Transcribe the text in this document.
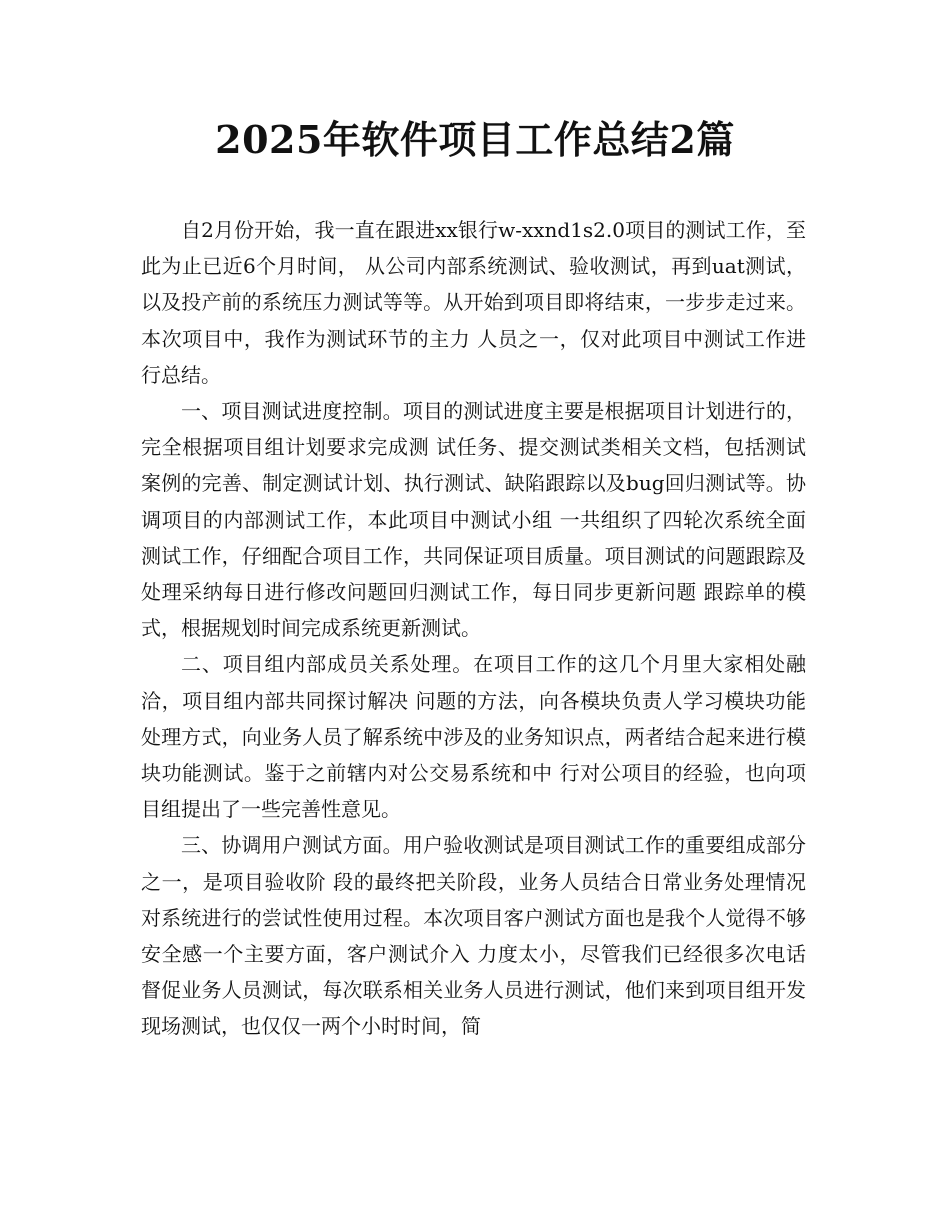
2025年软件项目工作总结2篇

自2月份开始，我一直在跟进xx银行w-xxnd1s2.0项目的测试工作，至此为止已近6个月时间， 从公司内部系统测试、验收测试，再到uat测试，以及投产前的系统压力测试等等。从开始到项目即将结束，一步步走过来。本次项目中，我作为测试环节的主力 人员之一，仅对此项目中测试工作进行总结。

一、项目测试进度控制。项目的测试进度主要是根据项目计划进行的，完全根据项目组计划要求完成测 试任务、提交测试类相关文档，包括测试案例的完善、制定测试计划、执行测试、缺陷跟踪以及bug回归测试等。协调项目的内部测试工作，本此项目中测试小组 一共组织了四轮次系统全面测试工作，仔细配合项目工作，共同保证项目质量。项目测试的问题跟踪及处理采纳每日进行修改问题回归测试工作，每日同步更新问题 跟踪单的模式，根据规划时间完成系统更新测试。

二、项目组内部成员关系处理。在项目工作的这几个月里大家相处融洽，项目组内部共同探讨解决 问题的方法，向各模块负责人学习模块功能处理方式，向业务人员了解系统中涉及的业务知识点，两者结合起来进行模块功能测试。鉴于之前辖内对公交易系统和中 行对公项目的经验，也向项目组提出了一些完善性意见。

三、协调用户测试方面。用户验收测试是项目测试工作的重要组成部分之一，是项目验收阶 段的最终把关阶段，业务人员结合日常业务处理情况对系统进行的尝试性使用过程。本次项目客户测试方面也是我个人觉得不够安全感一个主要方面，客户测试介入 力度太小，尽管我们已经很多次电话督促业务人员测试，每次联系相关业务人员进行测试，他们来到项目组开发现场测试，也仅仅一两个小时时间，简
